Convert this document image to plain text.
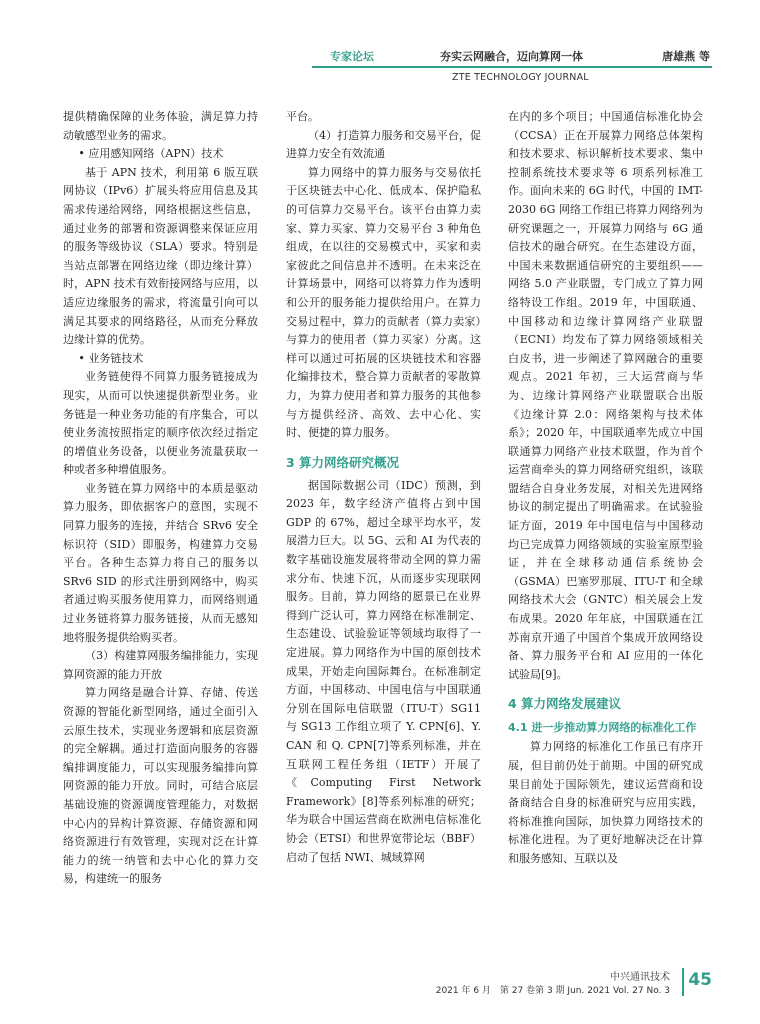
专家论坛	夯实云网融合，迈向算网一体	唐雄燕 等
ZTE TECHNOLOGY JOURNAL

提供精确保障的业务体验，满足算力持动敏感型业务的需求。

• 应用感知网络（APN）技术

基于 APN 技术，利用第 6 版互联网协议（IPv6）扩展头将应用信息及其需求传递给网络，网络根据这些信息，通过业务的部署和资源调整来保证应用的服务等级协议（SLA）要求。特别是当站点部署在网络边缘（即边缘计算）时，APN 技术有效衔接网络与应用，以适应边缘服务的需求，将流量引向可以满足其要求的网络路径，从而充分释放边缘计算的优势。

• 业务链技术

业务链使得不同算力服务链接成为现实，从而可以快速提供新型业务。业务链是一种业务功能的有序集合，可以使业务流按照指定的顺序依次经过指定的增值业务设备，以便业务流量获取一种或者多种增值服务。

业务链在算力网络中的本质是驱动算力服务，即依据客户的意图，实现不同算力服务的连接，并结合 SRv6 安全标识符（SID）即服务，构建算力交易平台。各种生态算力将自己的服务以 SRv6 SID 的形式注册到网络中，购买者通过购买服务使用算力，而网络则通过业务链将算力服务链接，从而无感知地将服务提供给购买者。

（3）构建算网服务编排能力，实现算网资源的能力开放

算力网络是融合计算、存储、传送资源的智能化新型网络，通过全面引入云原生技术，实现业务逻辑和底层资源的完全解耦。通过打造面向服务的容器编排调度能力，可以实现服务编排向算网资源的能力开放。同时，可结合底层基础设施的资源调度管理能力，对数据中心内的异构计算资源、存储资源和网络资源进行有效管理，实现对泛在计算能力的统一纳管和去中心化的算力交易，构建统一的服务

平台。

（4）打造算力服务和交易平台，促进算力安全有效流通

算力网络中的算力服务与交易依托于区块链去中心化、低成本、保护隐私的可信算力交易平台。该平台由算力卖家、算力买家、算力交易平台 3 种角色组成，在以往的交易模式中，买家和卖家彼此之间信息并不透明。在未来泛在计算场景中，网络可以将算力作为透明和公开的服务能力提供给用户。在算力交易过程中，算力的贡献者（算力卖家）与算力的使用者（算力买家）分离。这样可以通过可拓展的区块链技术和容器化编排技术，整合算力贡献者的零散算力，为算力使用者和算力服务的其他参与方提供经济、高效、去中心化、实时、便捷的算力服务。

3 算力网络研究概况

据国际数据公司（IDC）预测，到 2023 年，数字经济产值将占到中国 GDP 的 67%，超过全球平均水平，发展潜力巨大。以 5G、云和 AI 为代表的数字基础设施发展将带动全网的算力需求分布、快速下沉，从而逐步实现联网服务。目前，算力网络的愿景已在业界得到广泛认可，算力网络在标准制定、生态建设、试验验证等领域均取得了一定进展。算力网络作为中国的原创技术成果，开始走向国际舞台。在标准制定方面，中国移动、中国电信与中国联通分别在国际电信联盟（ITU-T）SG11 与 SG13 工作组立项了 Y. CPN[6]、Y. CAN 和 Q. CPN[7]等系列标准，并在互联网工程任务组（IETF）开展了《Computing First Network Framework》[8]等系列标准的研究；华为联合中国运营商在欧洲电信标准化协会（ETSI）和世界宽带论坛（BBF）启动了包括 NWI、城域算网

在内的多个项目；中国通信标准化协会（CCSA）正在开展算力网络总体架构和技术要求、标识解析技术要求、集中控制系统技术要求等 6 项系列标准工作。面向未来的 6G 时代，中国的 IMT-2030 6G 网络工作组已将算力网络列为研究课题之一，开展算力网络与 6G 通信技术的融合研究。在生态建设方面，中国未来数据通信研究的主要组织——网络 5.0 产业联盟，专门成立了算力网络特设工作组。2019 年，中国联通、中国移动和边缘计算网络产业联盟（ECNI）均发布了算力网络领域相关白皮书，进一步阐述了算网融合的重要观点。2021 年初，三大运营商与华为、边缘计算网络产业联盟联合出版《边缘计算 2.0：网络架构与技术体系》；2020 年，中国联通率先成立中国联通算力网络产业技术联盟，作为首个运营商牵头的算力网络研究组织，该联盟结合自身业务发展，对相关先进网络协议的制定提出了明确需求。在试验验证方面，2019 年中国电信与中国移动均已完成算力网络领域的实验室原型验证，并在全球移动通信系统协会（GSMA）巴塞罗那展、ITU-T 和全球网络技术大会（GNTC）相关展会上发布成果。2020 年年底，中国联通在江苏南京开通了中国首个集成开放网络设备、算力服务平台和 AI 应用的一体化试验局[9]。

4 算力网络发展建议

4.1 进一步推动算力网络的标准化工作

算力网络的标准化工作虽已有序开展，但目前仍处于前期。中国的研究成果目前处于国际领先，建议运营商和设备商结合自身的标准研究与应用实践，将标准推向国际，加快算力网络技术的标准化进程。为了更好地解决泛在计算和服务感知、互联以及

中兴通讯技术
2021 年 6 月　第 27 卷第 3 期 Jun. 2021 Vol. 27 No. 3
45
